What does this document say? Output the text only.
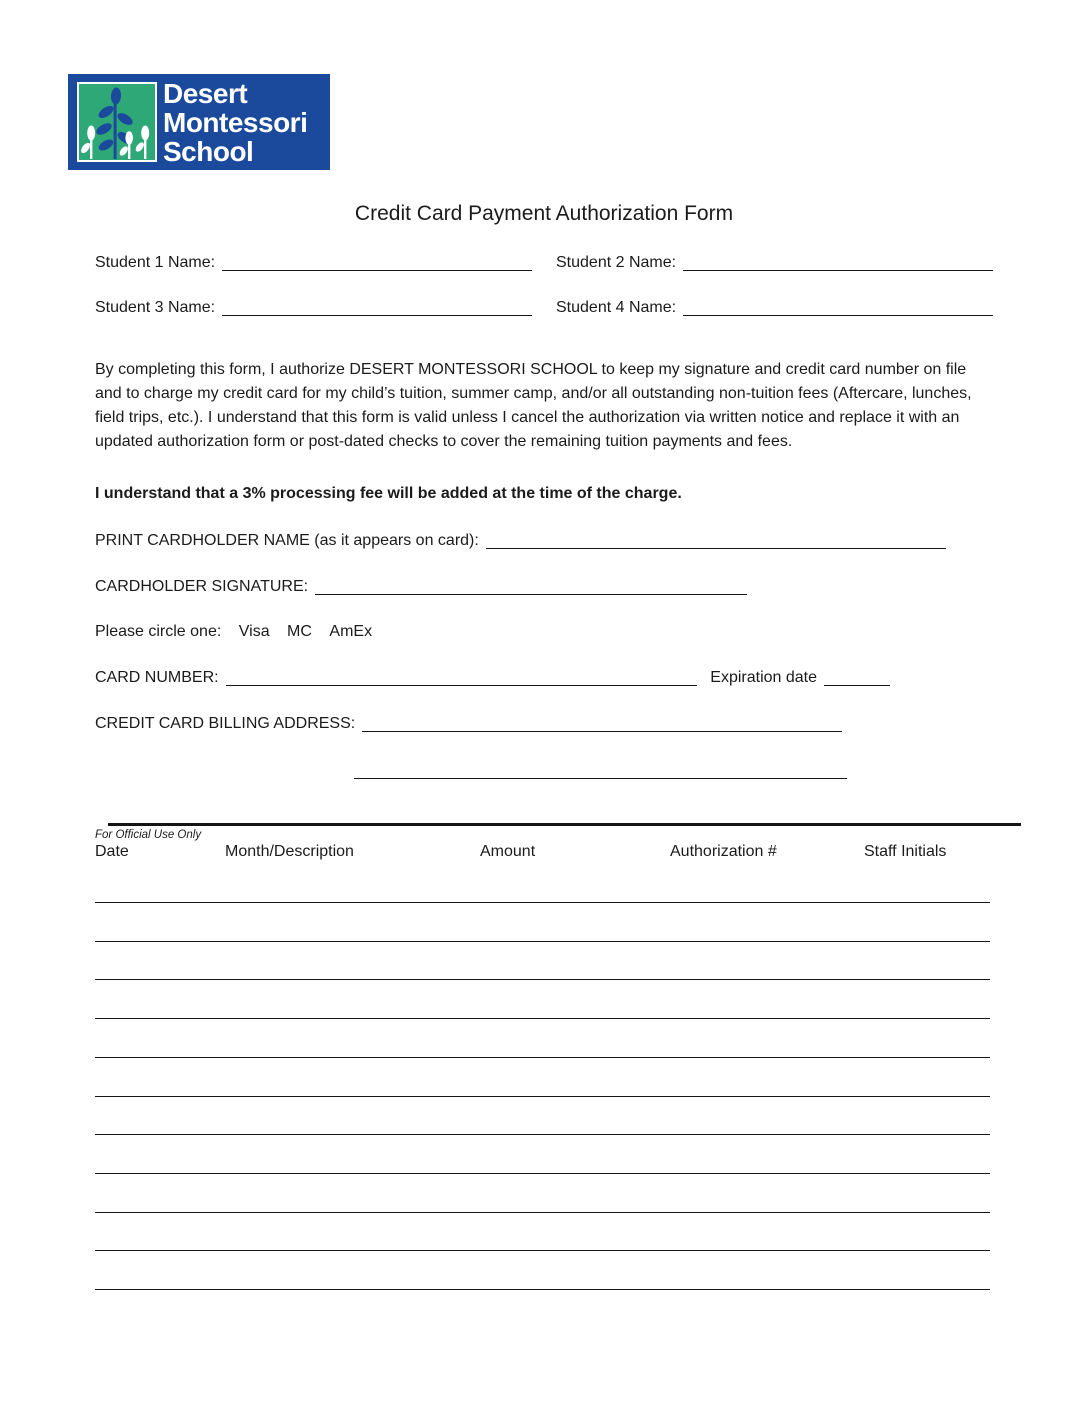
Desert
Montessori
School
Credit Card Payment Authorization Form
Student 1 Name:	Student 2 Name:
Student 3 Name:	Student 4 Name:

By completing this form, I authorize DESERT MONTESSORI SCHOOL to keep my signature and credit card number on file and to charge my credit card for my child’s tuition, summer camp, and/or all outstanding non-tuition fees (Aftercare, lunches, field trips, etc.). I understand that this form is valid unless I cancel the authorization via written notice and replace it with an updated authorization form or post-dated checks to cover the remaining tuition payments and fees.

I understand that a 3% processing fee will be added at the time of the charge.
PRINT CARDHOLDER NAME (as it appears on card):
CARDHOLDER SIGNATURE:
Please circle one: Visa MC AmEx
CARD NUMBER:	Expiration date
CREDIT CARD BILLING ADDRESS:
For Official Use Only
Date	Month/Description	Amount	Authorization #	Staff Initials
